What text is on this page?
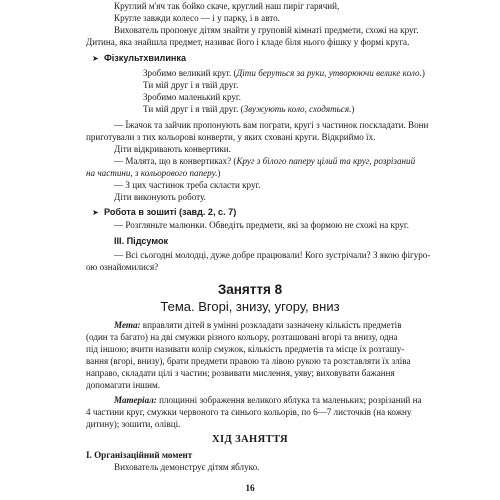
Круглий м'яч так бойко скаче, круглий наш пиріг гарячий,
Кругле завжди колесо — і у парку, і в авто.
Вихователь пропонує дітям знайти у груповій кімнаті предмети, схожі на круг.
Дитина, яка знайшла предмет, називає його і кладе біля нього фішку у формі круга.
➤ Фізкультхвилинка
Зробимо великий круг. (Діти беруться за руки, утворюючи велике коло.)
Ти мій друг і я твій друг.
Зробимо маленький круг.
Ти мій друг і я твій друг. (Звужують коло, сходяться.)
— Їжачок та зайчик пропонують вам пограти, кругі з частинок поскладати. Вони
приготували з тих кольорові конверти, у яких сховані круги. Відкриймо їх.
Діти відкривають конвертики.
— Малята, що в конвертиках? (Круг з білого паперу цілий та круг, розрізаний
на частини, з кольорового паперу.)
— З цих частинок треба скласти круг.
Діти виконують роботу.
➤ Робота в зошиті (завд. 2, с. 7)
— Розгляньте малюнки. Обведіть предмети, які за формою не схожі на круг.
III. Підсумок
— Всі сьогодні молодці, дуже добре працювали! Кого зустрічали? З якою фігуро-
ою ознайомилися?
Заняття 8
Тема. Вгорі, знизу, угору, вниз
Мета: вправляти дітей в умінні розкладати зазначену кількість предметів
(один та багато) на дві смужки різного кольору, розташовані вгорі та внизу, одна
під іншою; вчити називати колір смужок, кількість предметів та місце їх розташу-
вання (вгорі, внизу), брати предмети правою та лівою рукою та розставляти їх зліва
направо, складати цілі з частин; розвивати мислення, уяву; виховувати бажання
допомагати іншим.
Матеріал: площинні зображення великого яблука та маленьких; розрізаний на
4 частини круг, смужки червоного та синього кольорів, по 6—7 листочків (на кожну
дитину); зошити, олівці.
ХІД ЗАНЯТТЯ
І. Організаційний момент
Вихователь демонструє дітям яблуко.
16
